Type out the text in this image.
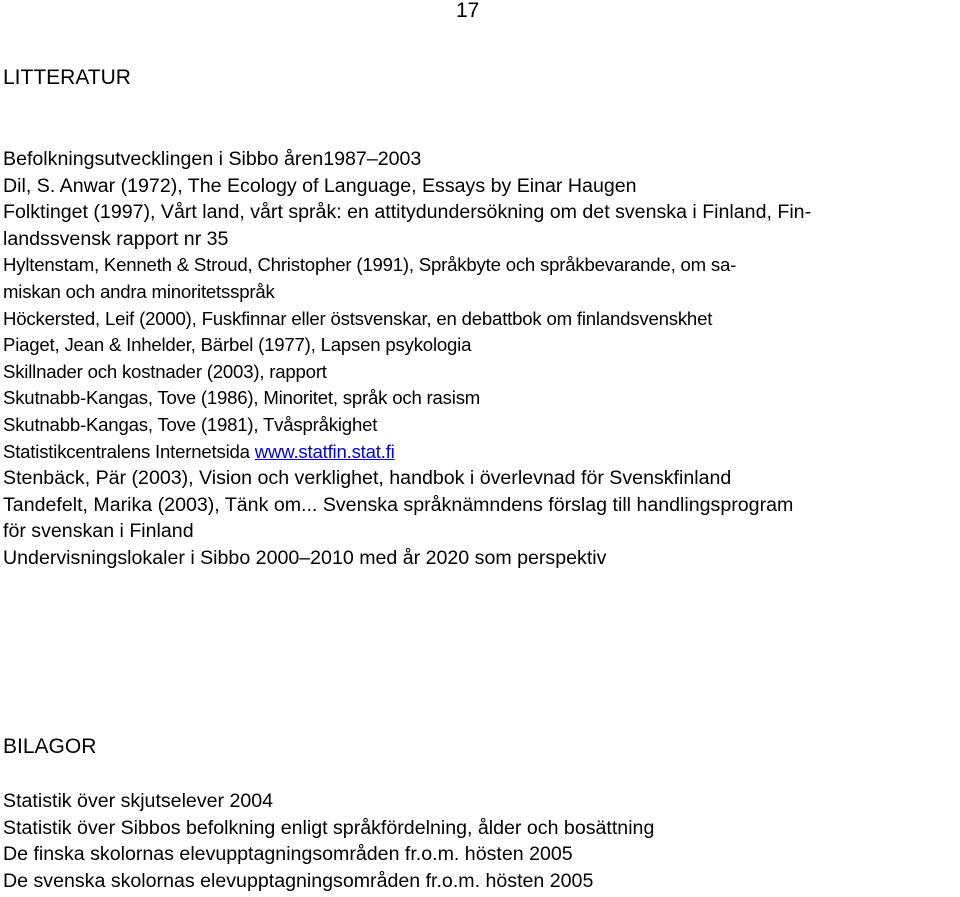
17
LITTERATUR
Befolkningsutvecklingen i Sibbo åren1987–2003
Dil, S. Anwar (1972), The Ecology of Language, Essays by Einar Haugen
Folktinget (1997), Vårt land, vårt språk: en attitydundersökning om det svenska i Finland, Fin-
landssvensk rapport nr 35
Hyltenstam, Kenneth & Stroud, Christopher (1991), Språkbyte och språkbevarande, om sa-
miskan och andra minoritetsspråk
Höckersted, Leif (2000), Fuskfinnar eller östsvenskar, en debattbok om finlandsvenskhet
Piaget, Jean & Inhelder, Bärbel (1977), Lapsen psykologia
Skillnader och kostnader (2003), rapport
Skutnabb-Kangas, Tove (1986), Minoritet, språk och rasism
Skutnabb-Kangas, Tove (1981), Tvåspråkighet
Statistikcentralens Internetsida www.statfin.stat.fi
Stenbäck, Pär (2003), Vision och verklighet, handbok i överlevnad för Svenskfinland
Tandefelt, Marika (2003), Tänk om... Svenska språknämndens förslag till handlingsprogram
för svenskan i Finland
Undervisningslokaler i Sibbo 2000–2010 med år 2020 som perspektiv
BILAGOR
Statistik över skjutselever 2004
Statistik över Sibbos befolkning enligt språkfördelning, ålder och bosättning
De finska skolornas elevupptagningsområden fr.o.m. hösten 2005
De svenska skolornas elevupptagningsområden fr.o.m. hösten 2005
